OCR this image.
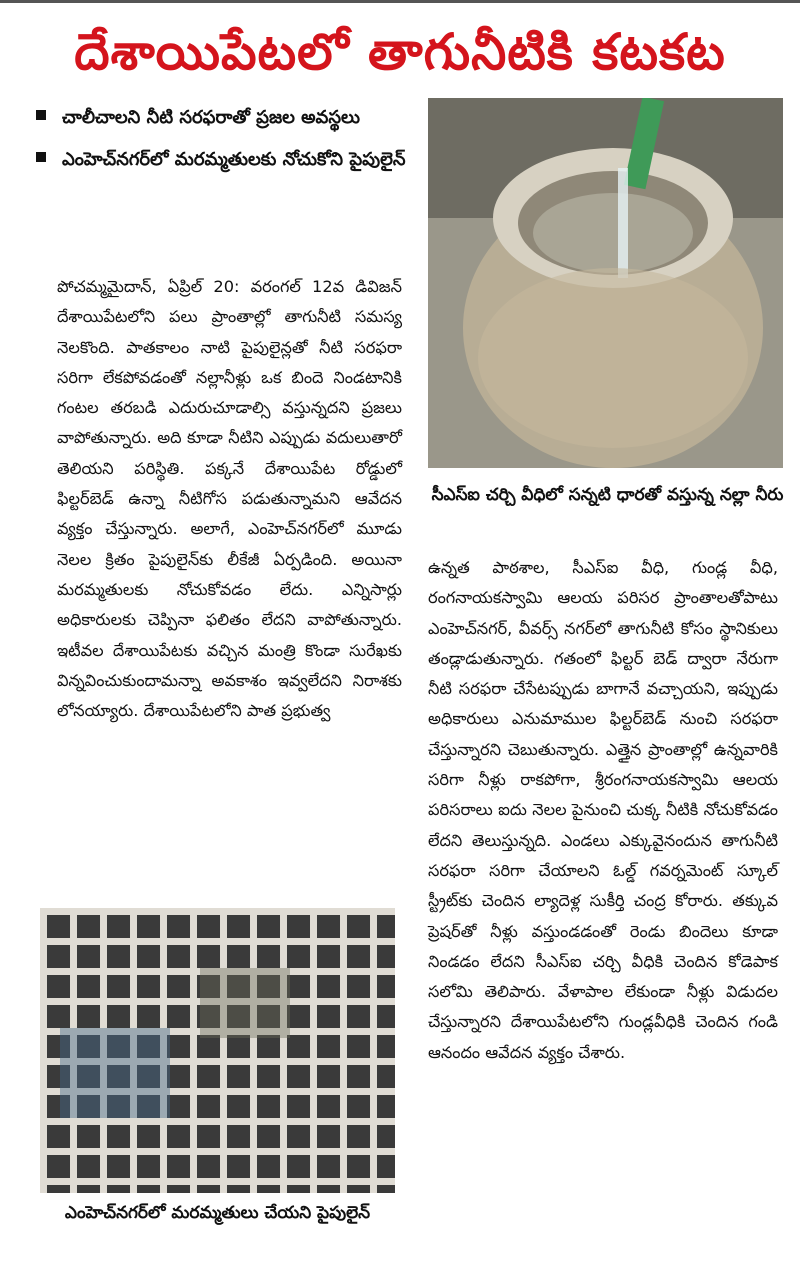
దేశాయిపేటలో తాగునీటికి కటకట
చాలీచాలని నీటి సరఫరాతో ప్రజల అవస్థలు
ఎంహెచ్‌నగర్‌లో మరమ్మతులకు నోచుకోని పైపులైన్

పోచమ్మమైదాన్, ఏప్రిల్ 20: వరంగల్ 12వ డివిజన్ దేశాయిపేటలోని పలు ప్రాంతాల్లో తాగునీటి సమస్య నెలకొంది. పాతకాలం నాటి పైపులైన్లతో నీటి సరఫరా సరిగా లేకపోవడంతో నల్లానీళ్లు ఒక బిందె నిండటానికి గంటల తరబడి ఎదురుచూడాల్సి వస్తున్నదని ప్రజలు వాపోతున్నారు. అది కూడా నీటిని ఎప్పుడు వదులుతారో తెలియని పరిస్థితి. పక్కనే దేశాయిపేట రోడ్డులో ఫిల్టర్‌బెడ్ ఉన్నా నీటిగోస పడుతున్నామని ఆవేదన వ్యక్తం చేస్తున్నారు. అలాగే, ఎంహెచ్‌నగర్‌లో మూడు నెలల క్రితం పైపులైన్‌కు లీకేజీ ఏర్పడింది. అయినా మరమ్మతులకు నోచుకోవడం లేదు. ఎన్నిసార్లు అధికారులకు చెప్పినా ఫలితం లేదని వాపోతున్నారు. ఇటీవల దేశాయిపేటకు వచ్చిన మంత్రి కొండా సురేఖకు విన్నవించుకుందామన్నా అవకాశం ఇవ్వలేదని నిరాశకు లోనయ్యారు. దేశాయిపేటలోని పాత ప్రభుత్వ

సీఎస్ఐ చర్చి వీధిలో సన్నటి ధారతో వస్తున్న నల్లా నీరు

ఉన్నత పాఠశాల, సీఎస్ఐ వీధి, గుండ్ల వీధి, రంగనాయకస్వామి ఆలయ పరిసర ప్రాంతాలతోపాటు ఎంహెచ్‌నగర్, వీవర్స్ నగర్‌లో తాగునీటి కోసం స్థానికులు తండ్లాడుతున్నారు. గతంలో ఫిల్టర్ బెడ్ ద్వారా నేరుగా నీటి సరఫరా చేసేటప్పుడు బాగానే వచ్చాయని, ఇప్పుడు అధికారులు ఎనుమాముల ఫిల్టర్‌బెడ్ నుంచి సరఫరా చేస్తున్నారని చెబుతున్నారు. ఎత్తైన ప్రాంతాల్లో ఉన్నవారికి సరిగా నీళ్లు రాకపోగా, శ్రీరంగనాయకస్వామి ఆలయ పరిసరాలు ఐదు నెలల పైనుంచి చుక్క నీటికి నోచుకోవడం లేదని తెలుస్తున్నది. ఎండలు ఎక్కువైనందున తాగునీటి సరఫరా సరిగా చేయాలని ఓల్డ్ గవర్నమెంట్ స్కూల్ స్ట్రీట్‌కు చెందిన ల్యాదెళ్ల సుకీర్తి చంద్ర కోరారు. తక్కువ ప్రెషర్‌తో నీళ్లు వస్తుండడంతో రెండు బిందెలు కూడా నిండడం లేదని సీఎస్ఐ చర్చి వీధికి చెందిన కోడెపాక సలోమి తెలిపారు. వేళాపాల లేకుండా నీళ్లు విడుదల చేస్తున్నారని దేశాయిపేటలోని గుండ్లవీధికి చెందిన గండి ఆనందం ఆవేదన వ్యక్తం చేశారు.

ఎంహెచ్‌నగర్‌లో మరమ్మతులు చేయని పైపులైన్
